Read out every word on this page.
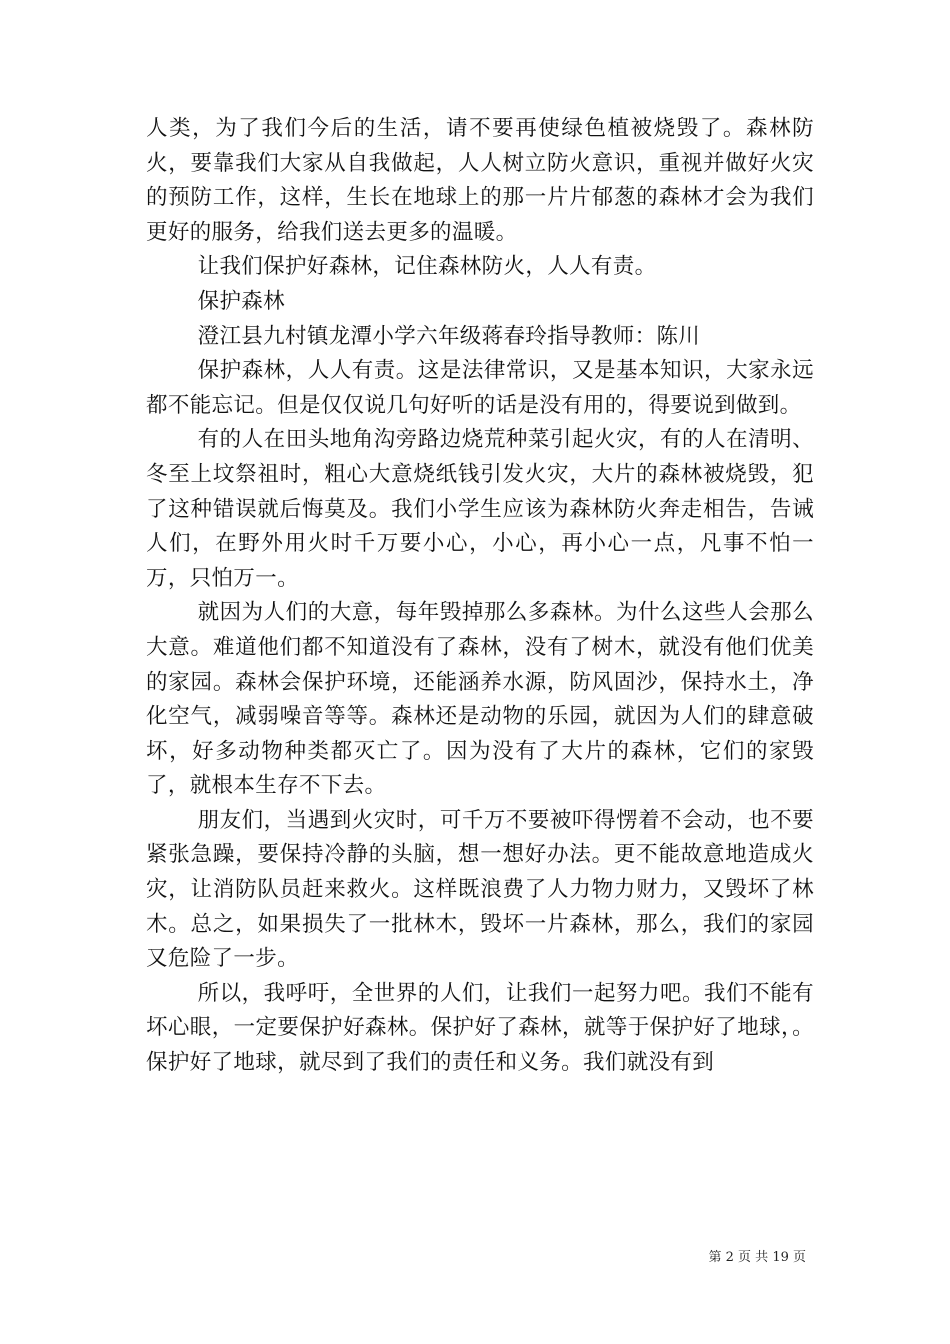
人类，为了我们今后的生活，请不要再使绿色植被烧毁了。森林防火，要靠我们大家从自我做起，人人树立防火意识，重视并做好火灾的预防工作，这样，生长在地球上的那一片片郁葱的森林才会为我们更好的服务，给我们送去更多的温暖。

让我们保护好森林，记住森林防火，人人有责。

保护森林

澄江县九村镇龙潭小学六年级蒋春玲指导教师：陈川

保护森林，人人有责。这是法律常识，又是基本知识，大家永远都不能忘记。但是仅仅说几句好听的话是没有用的，得要说到做到。

有的人在田头地角沟旁路边烧荒种菜引起火灾，有的人在清明、冬至上坟祭祖时，粗心大意烧纸钱引发火灾，大片的森林被烧毁，犯了这种错误就后悔莫及。我们小学生应该为森林防火奔走相告，告诫人们，在野外用火时千万要小心，小心，再小心一点，凡事不怕一万，只怕万一。

就因为人们的大意，每年毁掉那么多森林。为什么这些人会那么大意。难道他们都不知道没有了森林，没有了树木，就没有他们优美的家园。森林会保护环境，还能涵养水源，防风固沙，保持水土，净化空气，减弱噪音等等。森林还是动物的乐园，就因为人们的肆意破坏，好多动物种类都灭亡了。因为没有了大片的森林，它们的家毁了，就根本生存不下去。

朋友们，当遇到火灾时，可千万不要被吓得愣着不会动，也不要紧张急躁，要保持冷静的头脑，想一想好办法。更不能故意地造成火灾，让消防队员赶来救火。这样既浪费了人力物力财力，又毁坏了林木。总之，如果损失了一批林木，毁坏一片森林，那么，我们的家园又危险了一步。

所以，我呼吁，全世界的人们，让我们一起努力吧。我们不能有坏心眼，一定要保护好森林。保护好了森林，就等于保护好了地球，。保护好了地球，就尽到了我们的责任和义务。我们就没有到

第 2 页 共 19 页
